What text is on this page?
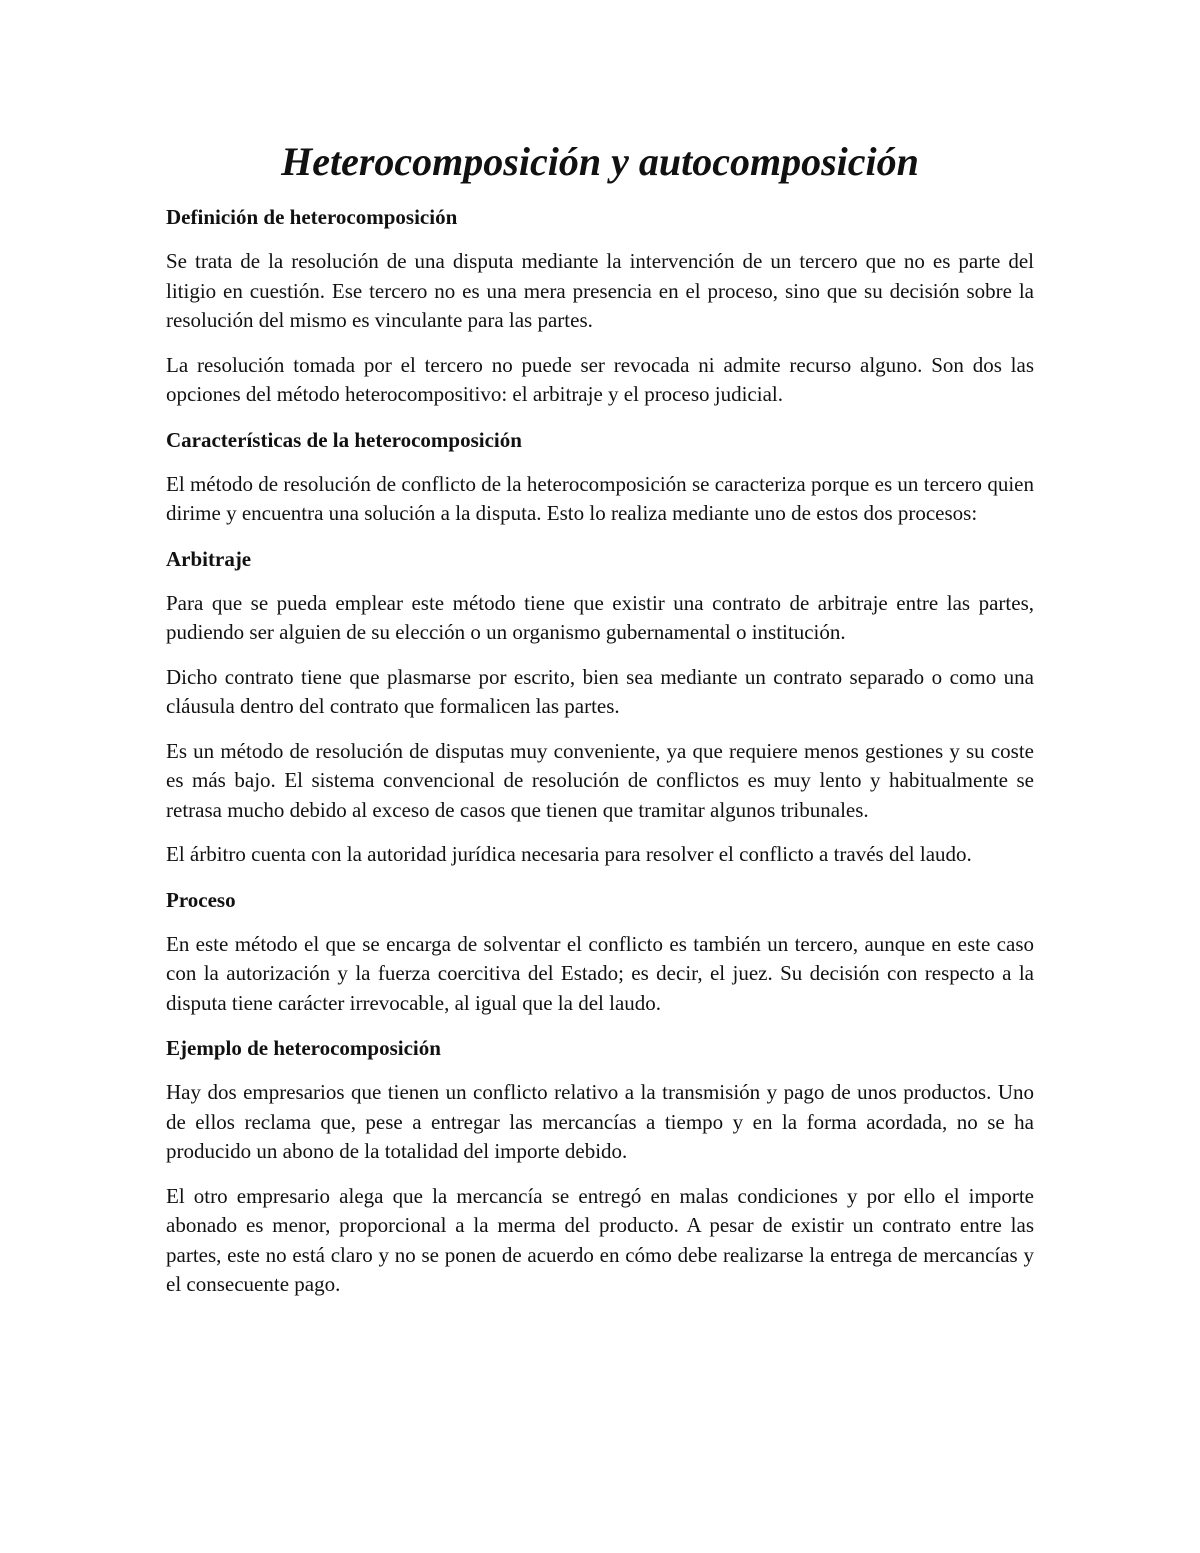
Heterocomposición y autocomposición
Definición de heterocomposición

Se trata de la resolución de una disputa mediante la intervención de un tercero que no es parte del litigio en cuestión. Ese tercero no es una mera presencia en el proceso, sino que su decisión sobre la resolución del mismo es vinculante para las partes.

La resolución tomada por el tercero no puede ser revocada ni admite recurso alguno. Son dos las opciones del método heterocompositivo: el arbitraje y el proceso judicial.

Características de la heterocomposición

El método de resolución de conflicto de la heterocomposición se caracteriza porque es un tercero quien dirime y encuentra una solución a la disputa. Esto lo realiza mediante uno de estos dos procesos:

Arbitraje

Para que se pueda emplear este método tiene que existir una contrato de arbitraje entre las partes, pudiendo ser alguien de su elección o un organismo gubernamental o institución.

Dicho contrato tiene que plasmarse por escrito, bien sea mediante un contrato separado o como una cláusula dentro del contrato que formalicen las partes.

Es un método de resolución de disputas muy conveniente, ya que requiere menos gestiones y su coste es más bajo. El sistema convencional de resolución de conflictos es muy lento y habitualmente se retrasa mucho debido al exceso de casos que tienen que tramitar algunos tribunales.

El árbitro cuenta con la autoridad jurídica necesaria para resolver el conflicto a través del laudo.

Proceso

En este método el que se encarga de solventar el conflicto es también un tercero, aunque en este caso con la autorización y la fuerza coercitiva del Estado; es decir, el juez. Su decisión con respecto a la disputa tiene carácter irrevocable, al igual que la del laudo.

Ejemplo de heterocomposición

Hay dos empresarios que tienen un conflicto relativo a la transmisión y pago de unos productos. Uno de ellos reclama que, pese a entregar las mercancías a tiempo y en la forma acordada, no se ha producido un abono de la totalidad del importe debido.

El otro empresario alega que la mercancía se entregó en malas condiciones y por ello el importe abonado es menor, proporcional a la merma del producto. A pesar de existir un contrato entre las partes, este no está claro y no se ponen de acuerdo en cómo debe realizarse la entrega de mercancías y el consecuente pago.
